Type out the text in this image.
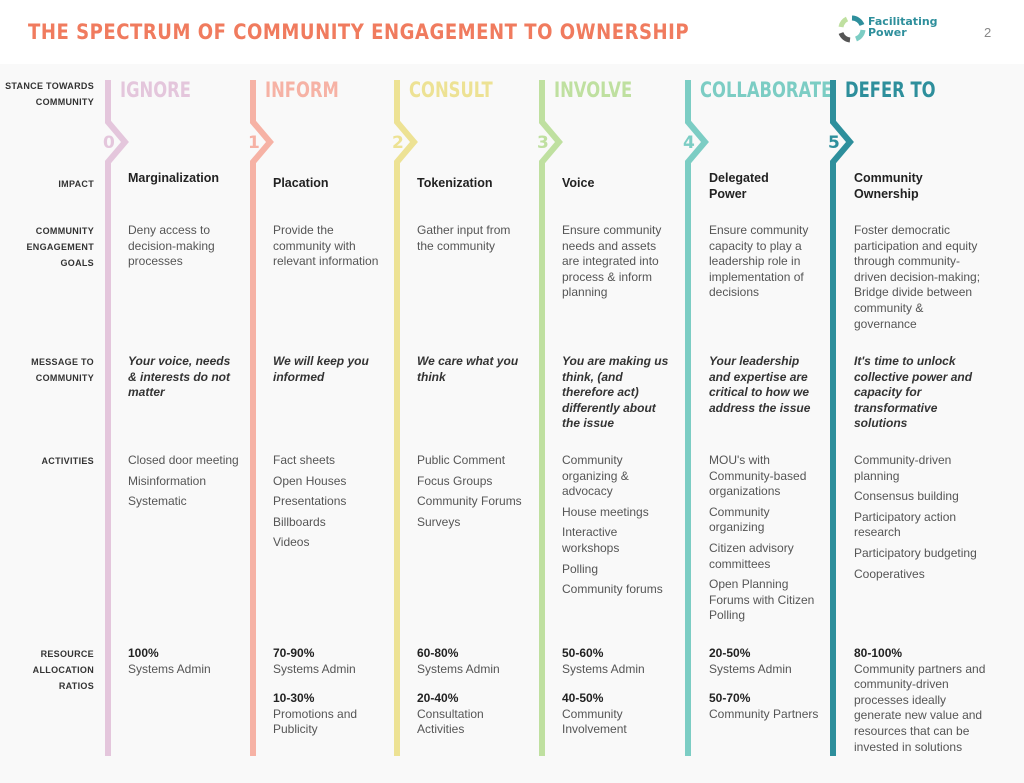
THE SPECTRUM OF COMMUNITY ENGAGEMENT TO OWNERSHIP	Facilitating
Power	2
STANCE TOWARDS COMMUNITY
IMPACT
COMMUNITY ENGAGEMENT GOALS
MESSAGE TO COMMUNITY
ACTIVITIES
RESOURCE ALLOCATION RATIOS
IGNORE
0
Marginalization
Deny access to decision-making processes
Your voice, needs & interests do not matter
Closed door meeting
Misinformation
Systematic
100%
Systems Admin
INFORM
1
Placation
Provide the community with relevant information
We will keep you informed
Fact sheets
Open Houses
Presentations
Billboards
Videos
70-90%
Systems Admin
10-30%
Promotions and Publicity
CONSULT
2
Tokenization
Gather input from the community
We care what you think
Public Comment
Focus Groups
Community Forums
Surveys
60-80%
Systems Admin
20-40%
Consultation Activities
INVOLVE
3
Voice
Ensure community needs and assets are integrated into process & inform planning
You are making us think, (and therefore act) differently about the issue
Community organizing & advocacy
House meetings
Interactive workshops
Polling
Community forums
50-60%
Systems Admin
40-50%
Community Involvement
COLLABORATE
4
Delegated Power
Ensure community capacity to play a leadership role in implementation of decisions
Your leadership and expertise are critical to how we address the issue
MOU's with Community-based organizations
Community organizing
Citizen advisory committees
Open Planning Forums with Citizen Polling
20-50%
Systems Admin
50-70%
Community Partners
DEFER TO
5
Community Ownership
Foster democratic participation and equity through community-driven decision-making; Bridge divide between community & governance
It's time to unlock collective power and capacity for transformative solutions
Community-driven planning
Consensus building
Participatory action research
Participatory budgeting
Cooperatives
80-100%
Community partners and community-driven processes ideally generate new value and resources that can be invested in solutions
